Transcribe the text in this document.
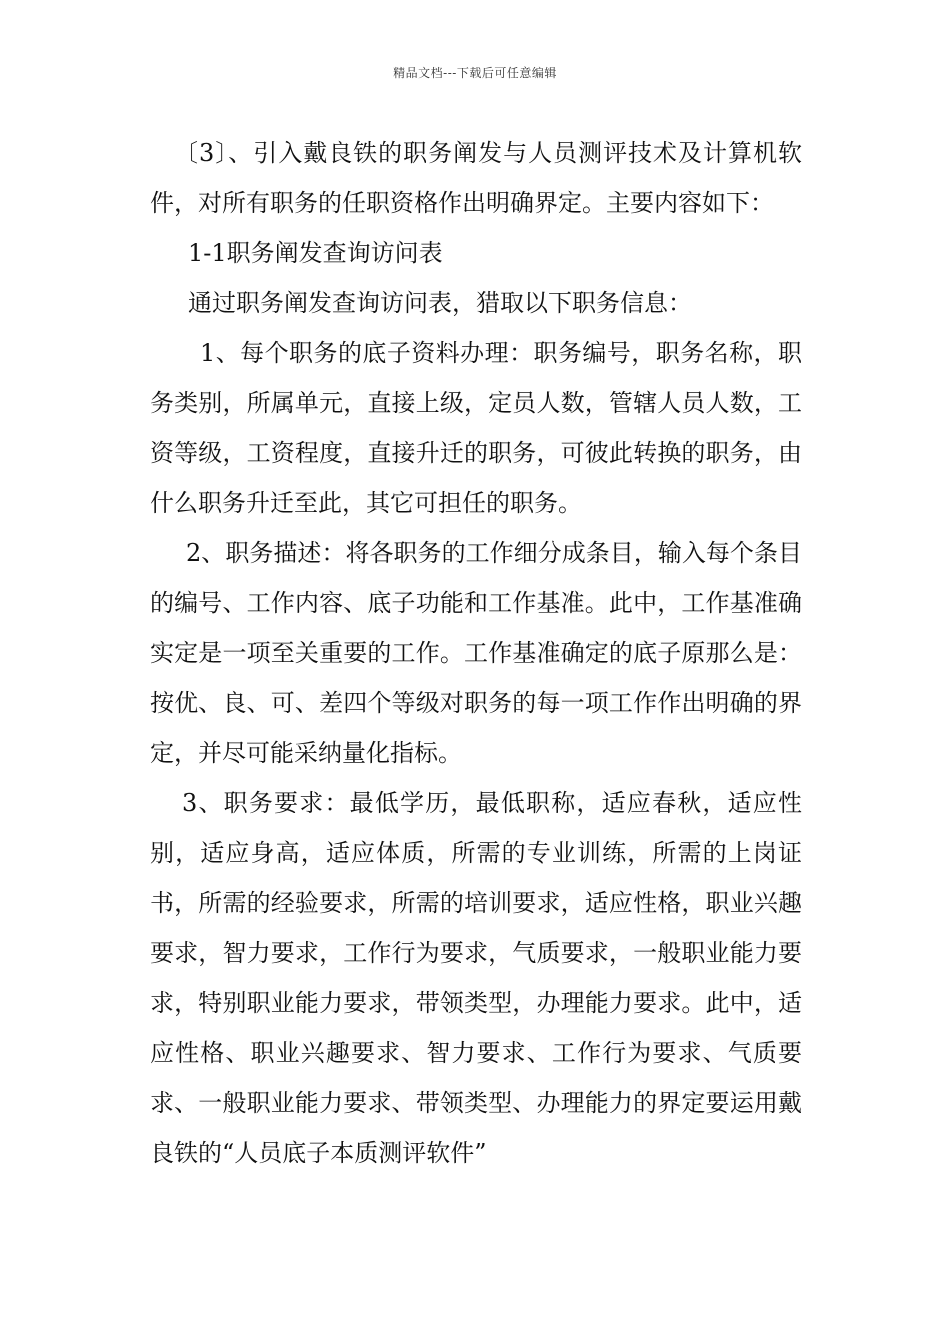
精品文档---下载后可任意编辑

〔3〕、引入戴良铁的职务阐发与人员测评技术及计算机软件，对所有职务的任职资格作出明确界定。主要内容如下：

1-1职务阐发查询访问表

通过职务阐发查询访问表，猎取以下职务信息：

1、每个职务的底子资料办理：职务编号，职务名称，职务类别，所属单元，直接上级，定员人数，管辖人员人数，工资等级，工资程度，直接升迁的职务，可彼此转换的职务，由什么职务升迁至此，其它可担任的职务。

2、职务描述：将各职务的工作细分成条目，输入每个条目的编号、工作内容、底子功能和工作基准。此中，工作基准确实定是一项至关重要的工作。工作基准确定的底子原那么是：按优、良、可、差四个等级对职务的每一项工作作出明确的界定，并尽可能采纳量化指标。

3、职务要求：最低学历，最低职称，适应春秋，适应性别，适应身高，适应体质，所需的专业训练，所需的上岗证书，所需的经验要求，所需的培训要求，适应性格，职业兴趣要求，智力要求，工作行为要求，气质要求，一般职业能力要求，特别职业能力要求，带领类型，办理能力要求。此中，适应性格、职业兴趣要求、智力要求、工作行为要求、气质要求、一般职业能力要求、带领类型、办理能力的界定要运用戴良铁的“人员底子本质测评软件”
